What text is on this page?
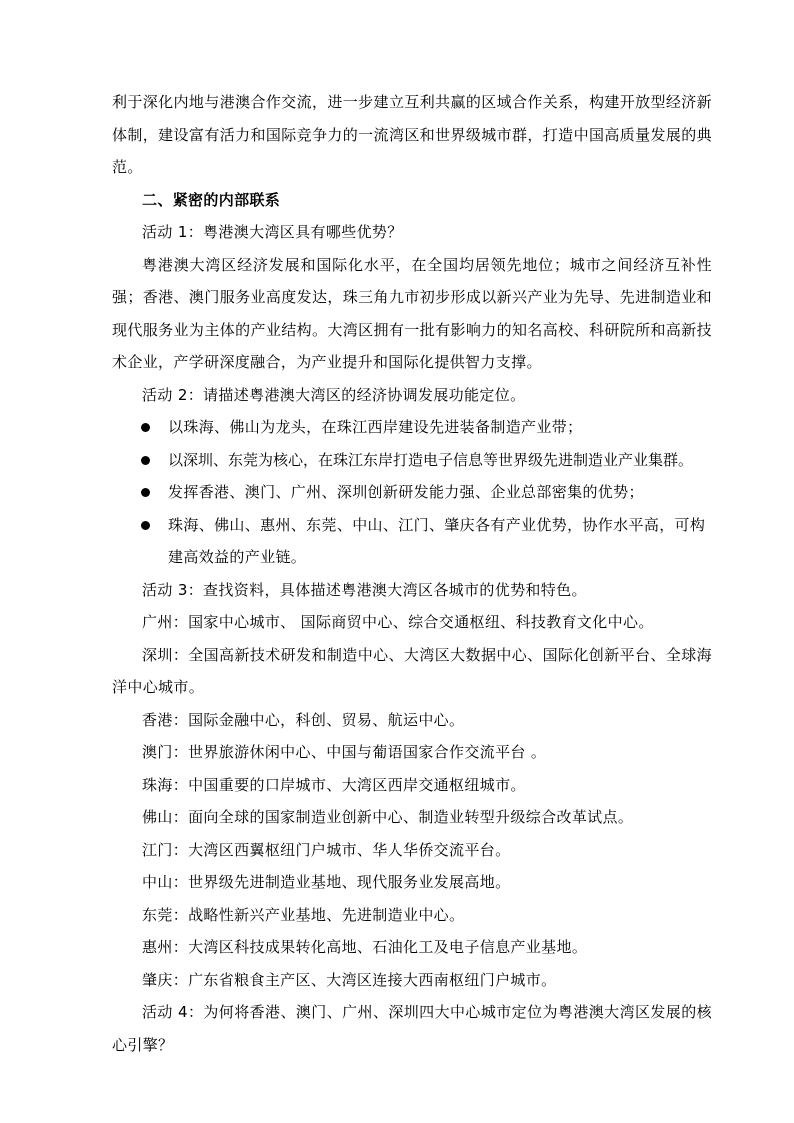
利于深化内地与港澳合作交流，进一步建立互利共赢的区域合作关系，构建开放型经济新体制，建设富有活力和国际竞争力的一流湾区和世界级城市群，打造中国高质量发展的典范。

二、紧密的内部联系

活动 1：粤港澳大湾区具有哪些优势？

粤港澳大湾区经济发展和国际化水平，在全国均居领先地位；城市之间经济互补性强；香港、澳门服务业高度发达，珠三角九市初步形成以新兴产业为先导、先进制造业和现代服务业为主体的产业结构。大湾区拥有一批有影响力的知名高校、科研院所和高新技术企业，产学研深度融合，为产业提升和国际化提供智力支撑。

活动 2：请描述粤港澳大湾区的经济协调发展功能定位。

以珠海、佛山为龙头，在珠江西岸建设先进装备制造产业带；
以深圳、东莞为核心，在珠江东岸打造电子信息等世界级先进制造业产业集群。
发挥香港、澳门、广州、深圳创新研发能力强、企业总部密集的优势；
珠海、佛山、惠州、东莞、中山、江门、肇庆各有产业优势，协作水平高，可构建高效益的产业链。

活动 3：查找资料，具体描述粤港澳大湾区各城市的优势和特色。

广州：国家中心城市、 国际商贸中心、综合交通枢纽、科技教育文化中心。

深圳：全国高新技术研发和制造中心、大湾区大数据中心、国际化创新平台、全球海洋中心城市。

香港：国际金融中心，科创、贸易、航运中心。

澳门：世界旅游休闲中心、中国与葡语国家合作交流平台 。

珠海：中国重要的口岸城市、大湾区西岸交通枢纽城市。

佛山：面向全球的国家制造业创新中心、制造业转型升级综合改革试点。

江门：大湾区西翼枢纽门户城市、华人华侨交流平台。

中山：世界级先进制造业基地、现代服务业发展高地。

东莞：战略性新兴产业基地、先进制造业中心。

惠州：大湾区科技成果转化高地、石油化工及电子信息产业基地。

肇庆：广东省粮食主产区、大湾区连接大西南枢纽门户城市。

活动 4：为何将香港、澳门、广州、深圳四大中心城市定位为粤港澳大湾区发展的核心引擎？
